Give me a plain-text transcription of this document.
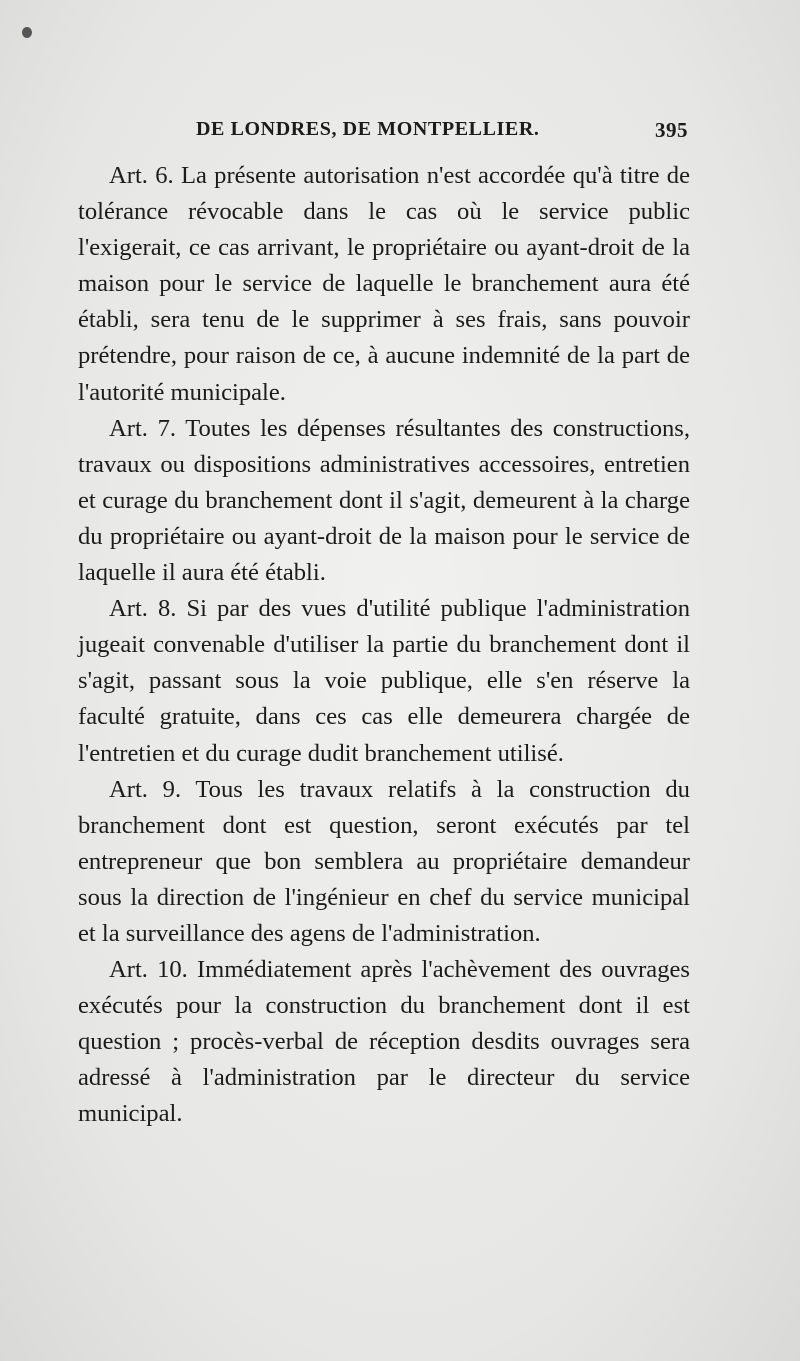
DE LONDRES, DE MONTPELLIER.	395

Art. 6. La présente autorisation n'est accordée qu'à titre de tolérance révocable dans le cas où le service public l'exigerait, ce cas arrivant, le propriétaire ou ayant-droit de la maison pour le service de laquelle le branchement aura été établi, sera tenu de le supprimer à ses frais, sans pouvoir prétendre, pour raison de ce, à aucune indemnité de la part de l'autorité municipale.

Art. 7. Toutes les dépenses résultantes des constructions, travaux ou dispositions administratives accessoires, entretien et curage du branchement dont il s'agit, demeurent à la charge du propriétaire ou ayant-droit de la maison pour le service de laquelle il aura été établi.

Art. 8. Si par des vues d'utilité publique l'administration jugeait convenable d'utiliser la partie du branchement dont il s'agit, passant sous la voie publique, elle s'en réserve la faculté gratuite, dans ces cas elle demeurera chargée de l'entretien et du curage dudit branchement utilisé.

Art. 9. Tous les travaux relatifs à la construction du branchement dont est question, seront exécutés par tel entrepreneur que bon semblera au propriétaire demandeur sous la direction de l'ingénieur en chef du service municipal et la surveillance des agens de l'administration.

Art. 10. Immédiatement après l'achèvement des ouvrages exécutés pour la construction du branchement dont il est question ; procès-verbal de réception desdits ouvrages sera adressé à l'administration par le directeur du service municipal.
